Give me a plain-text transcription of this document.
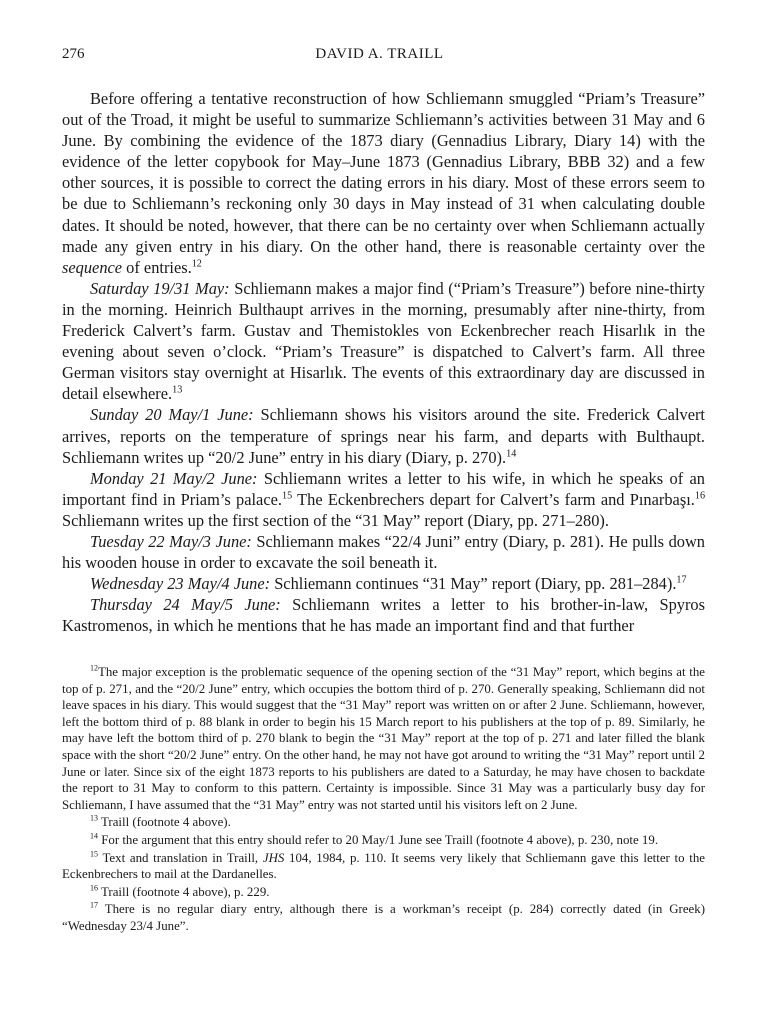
276	DAVID A. TRAILL

Before offering a tentative reconstruction of how Schliemann smuggled “Priam’s Treasure” out of the Troad, it might be useful to summarize Schliemann’s activities between 31 May and 6 June. By combining the evidence of the 1873 diary (Gennadius Library, Diary 14) with the evidence of the letter copybook for May–June 1873 (Gennadius Library, BBB 32) and a few other sources, it is possible to correct the dating errors in his diary. Most of these errors seem to be due to Schliemann’s reckoning only 30 days in May instead of 31 when calculating double dates. It should be noted, however, that there can be no certainty over when Schliemann actually made any given entry in his diary. On the other hand, there is reasonable certainty over the sequence of entries.$^{12}$

Saturday 19/31 May: Schliemann makes a major find (“Priam’s Treasure”) before nine-thirty in the morning. Heinrich Bulthaupt arrives in the morning, presumably after nine-thirty, from Frederick Calvert’s farm. Gustav and Themistokles von Eckenbrecher reach Hisarlık in the evening about seven o’clock. “Priam’s Treasure” is dispatched to Calvert’s farm. All three German visitors stay overnight at Hisarlık. The events of this extraordinary day are discussed in detail elsewhere.$^{13}$

Sunday 20 May/1 June: Schliemann shows his visitors around the site. Frederick Calvert arrives, reports on the temperature of springs near his farm, and departs with Bulthaupt. Schliemann writes up “20/2 June” entry in his diary (Diary, p. 270).$^{14}$

Monday 21 May/2 June: Schliemann writes a letter to his wife, in which he speaks of an important find in Priam’s palace.$^{15}$ The Eckenbrechers depart for Calvert’s farm and Pınarbaşı.$^{16}$ Schliemann writes up the first section of the “31 May” report (Diary, pp. 271–280).

Tuesday 22 May/3 June: Schliemann makes “22/4 Juni” entry (Diary, p. 281). He pulls down his wooden house in order to excavate the soil beneath it.

Wednesday 23 May/4 June: Schliemann continues “31 May” report (Diary, pp. 281–284).$^{17}$

Thursday 24 May/5 June: Schliemann writes a letter to his brother-in-law, Spyros Kastromenos, in which he mentions that he has made an important find and that further

$^{12}$The major exception is the problematic sequence of the opening section of the “31 May” report, which begins at the top of p. 271, and the “20/2 June” entry, which occupies the bottom third of p. 270. Generally speaking, Schliemann did not leave spaces in his diary. This would suggest that the “31 May” report was written on or after 2 June. Schliemann, however, left the bottom third of p. 88 blank in order to begin his 15 March report to his publishers at the top of p. 89. Similarly, he may have left the bottom third of p. 270 blank to begin the “31 May” report at the top of p. 271 and later filled the blank space with the short “20/2 June” entry. On the other hand, he may not have got around to writing the “31 May” report until 2 June or later. Since six of the eight 1873 reports to his publishers are dated to a Saturday, he may have chosen to backdate the report to 31 May to conform to this pattern. Certainty is impossible. Since 31 May was a particularly busy day for Schliemann, I have assumed that the “31 May” entry was not started until his visitors left on 2 June.

$^{13}$ Traill (footnote 4 above).

$^{14}$ For the argument that this entry should refer to 20 May/1 June see Traill (footnote 4 above), p. 230, note 19.

$^{15}$ Text and translation in Traill, JHS 104, 1984, p. 110. It seems very likely that Schliemann gave this letter to the Eckenbrechers to mail at the Dardanelles.

$^{16}$ Traill (footnote 4 above), p. 229.

$^{17}$ There is no regular diary entry, although there is a workman’s receipt (p. 284) correctly dated (in Greek) “Wednesday 23/4 June”.
